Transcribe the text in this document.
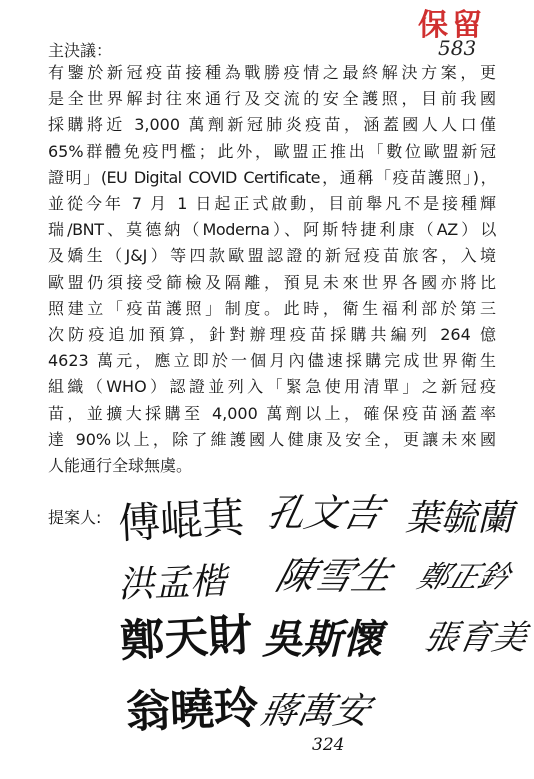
保留
583
主決議：
有鑒於新冠疫苗接種為戰勝疫情之最終解決方案，更
是全世界解封往來通行及交流的安全護照，目前我國
採購將近 3,000 萬劑新冠肺炎疫苗，涵蓋國人人口僅
65%群體免疫門檻；此外，歐盟正推出「數位歐盟新冠
證明」(EU Digital COVID Certificate，通稱「疫苗護照」)，
並從今年 7 月 1 日起正式啟動，目前舉凡不是接種輝
瑞/BNT、莫德納（Moderna）、阿斯特捷利康（AZ）以
及嬌生（J&J）等四款歐盟認證的新冠疫苗旅客，入境
歐盟仍須接受篩檢及隔離，預見未來世界各國亦將比
照建立「疫苗護照」制度。此時，衛生福利部於第三
次防疫追加預算，針對辦理疫苗採購共編列 264 億
4623 萬元，應立即於一個月內儘速採購完成世界衛生
組織（WHO）認證並列入「緊急使用清單」之新冠疫
苗，並擴大採購至 4,000 萬劑以上，確保疫苗涵蓋率
達 90%以上，除了維護國人健康及安全，更讓未來國
人能通行全球無虞。
提案人: 傅崐萁 孔文吉 葉毓蘭
洪孟楷 陳雪生 鄭正鈐
鄭天財 吳斯懷 張育美
翁曉玲
蔣萬安
324
